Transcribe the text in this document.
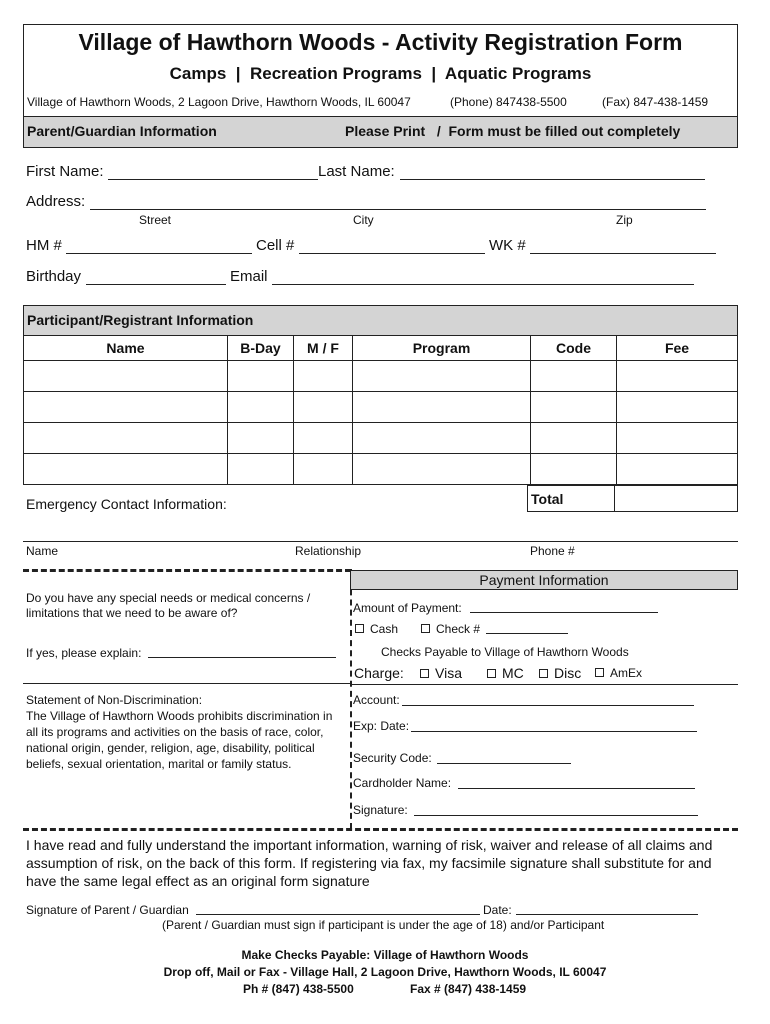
Village of Hawthorn Woods - Activity Registration Form
Camps  |  Recreation Programs  |  Aquatic Programs
Village of Hawthorn Woods, 2 Lagoon Drive, Hawthorn Woods, IL 60047	(Phone) 847438-5500	(Fax) 847-438-1459
Parent/Guardian Information	Please Print   /  Form must be filled out completely
First Name:	Last Name:
Address:
Street	City	Zip
HM #	Cell #	WK #
Birthday	Email
Participant/Registrant Information
Name	B-Day	M / F	Program	Code	Fee

Total
Emergency Contact Information:
Name	Relationship	Phone #
Do you have any special needs or medical concerns /
limitations that we need to be aware of?
If yes, please explain:
Statement of Non-Discrimination:
The Village of Hawthorn Woods prohibits discrimination in
all its programs and activities on the basis of race, color,
national origin, gender, religion, age, disability, political
beliefs, sexual orientation, marital or family status.
Payment Information
Amount of Payment:
Cash	Check #
Checks Payable to Village of Hawthorn Woods
Charge:	Visa	MC	Disc	AmEx
Account:
Exp: Date:
Security Code:
Cardholder Name:
Signature:
I have read and fully understand the important information, warning of risk, waiver and release of all claims and
assumption of risk, on the back of this form. If registering via fax, my facsimile signature shall substitute for and
have the same legal effect as an original form signature
Signature of Parent / Guardian	Date:
(Parent / Guardian must sign if participant is under the age of 18) and/or Participant
Make Checks Payable: Village of Hawthorn Woods
Drop off, Mail or Fax - Village Hall, 2 Lagoon Drive, Hawthorn Woods, IL 60047
Ph # (847) 438-5500	Fax # (847) 438-1459
